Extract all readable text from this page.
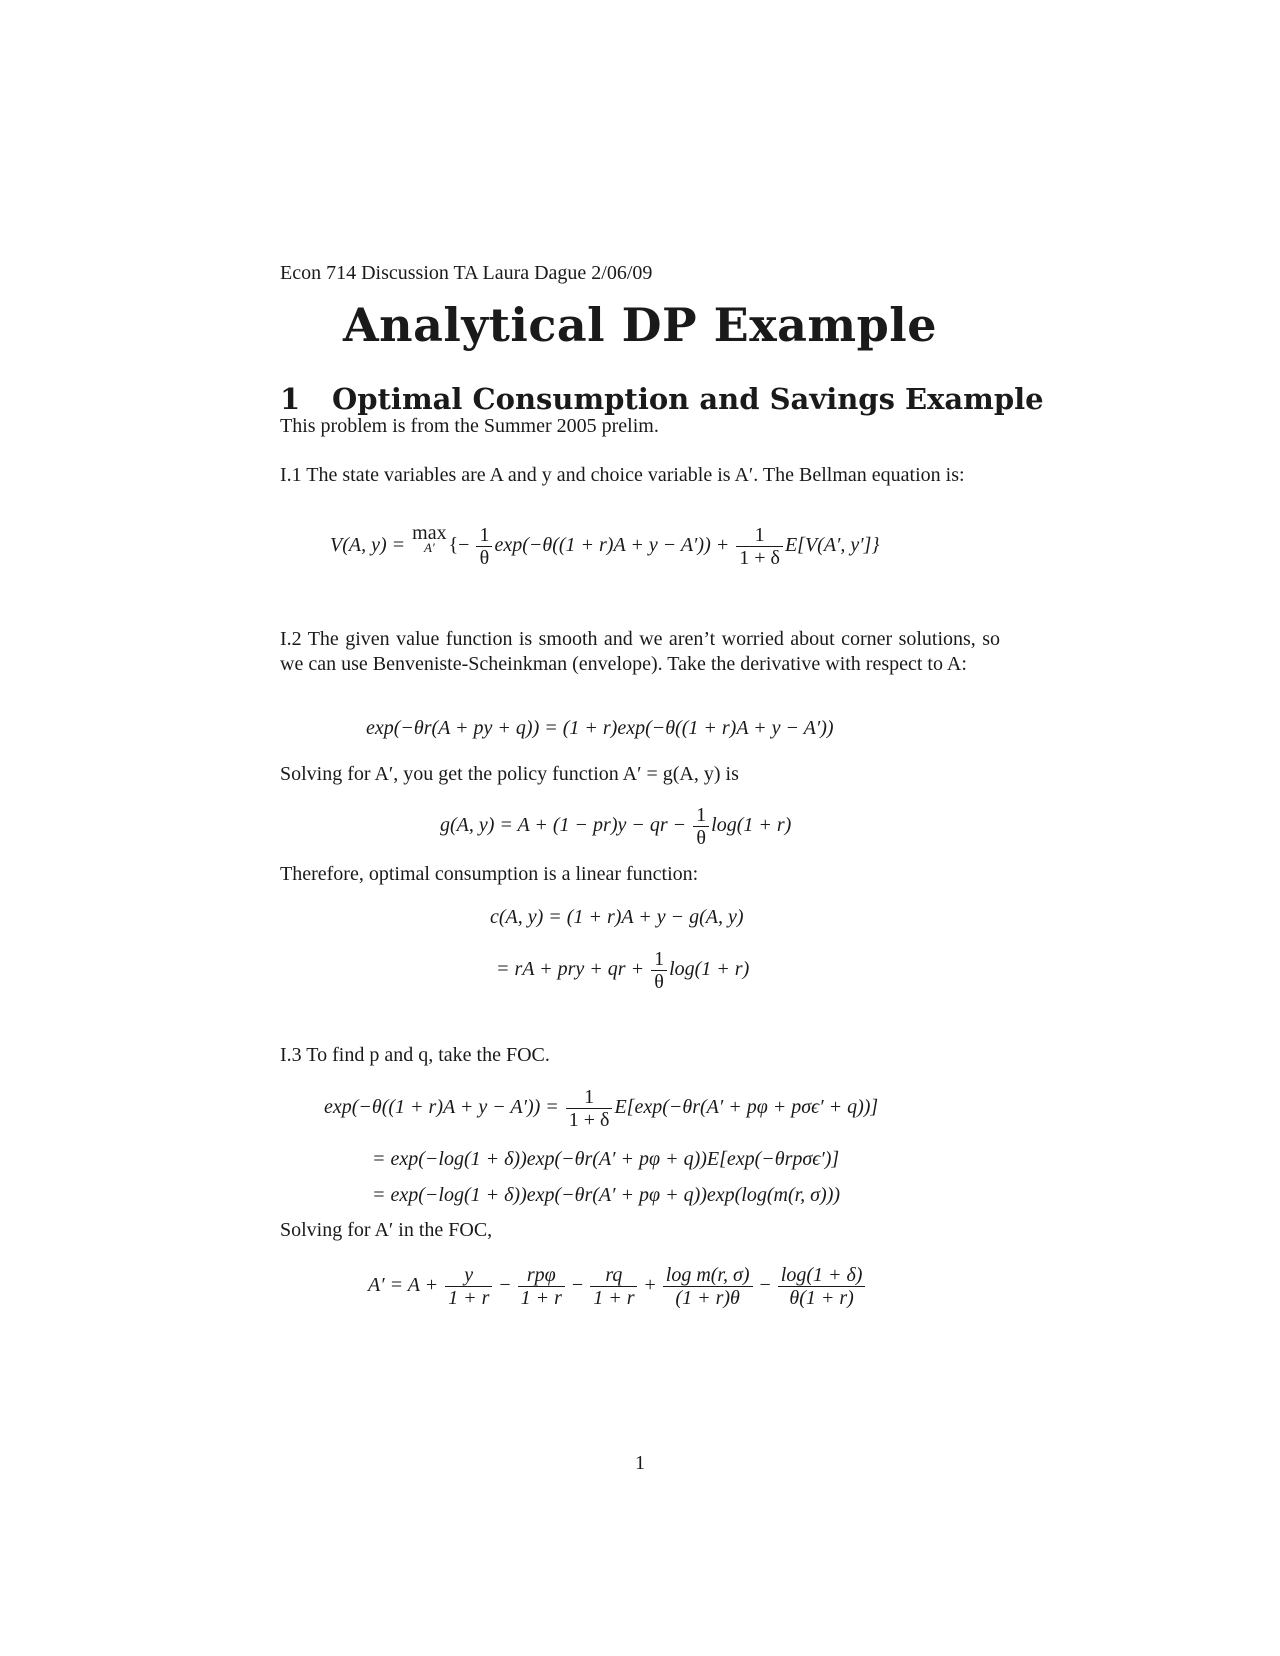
Econ 714 Discussion TA Laura Dague 2/06/09
Analytical DP Example
1 Optimal Consumption and Savings Example
This problem is from the Summer 2005 prelim.
I.1 The state variables are A and y and choice variable is A′. The Bellman equation is:
V(A, y) = max
A′ {− $\frac{1}{\theta} \exp(-\theta((1 + r)A + y - A')) + \frac{1}{1 + \delta} E[V(A'$, y′]}
I.2 The given value function is smooth and we aren’t worried about corner solutions, so we can use Benveniste-Scheinkman (envelope). Take the derivative with respect to A:
exp(−θr(A + py + q)) = (1 + r)exp(−θ((1 + r)A + y − A′))
Solving for A′, you get the policy function A′ = g(A, y) is
g(A, y) = A + (1 − pr)y − qr − $\frac{1}{\theta} \log(1 + r)$
Therefore, optimal consumption is a linear function:
c(A, y) = (1 + r)A + y − g(A, y)
= rA + pry + qr + $\frac{1}{\theta} \log(1 + r)$
I.3 To find p and q, take the FOC.
$\exp(-\theta((1 + r)A + y - A')) = \frac{1}{1 + \delta} E[\exp(-\theta r(A' + p\varphi + p\sigma\epsilon' + q))]$
= exp(−log(1 + δ))exp(−θr(A′ + pφ + q))E[exp(−θrpσϵ′)]
= exp(−log(1 + δ))exp(−θr(A′ + pφ + q))exp(log(m(r, σ)))
Solving for A′ in the FOC,
$A' = A + \frac{y}{1 + r} - \frac{\text{rpφ}}{1 + r} - \frac{rq}{1 + r} + \frac{\text{log m(r, σ)}}{(1 + r)\theta} - \frac{\log(1 + \delta)}{\theta(1 + r)}$
1
